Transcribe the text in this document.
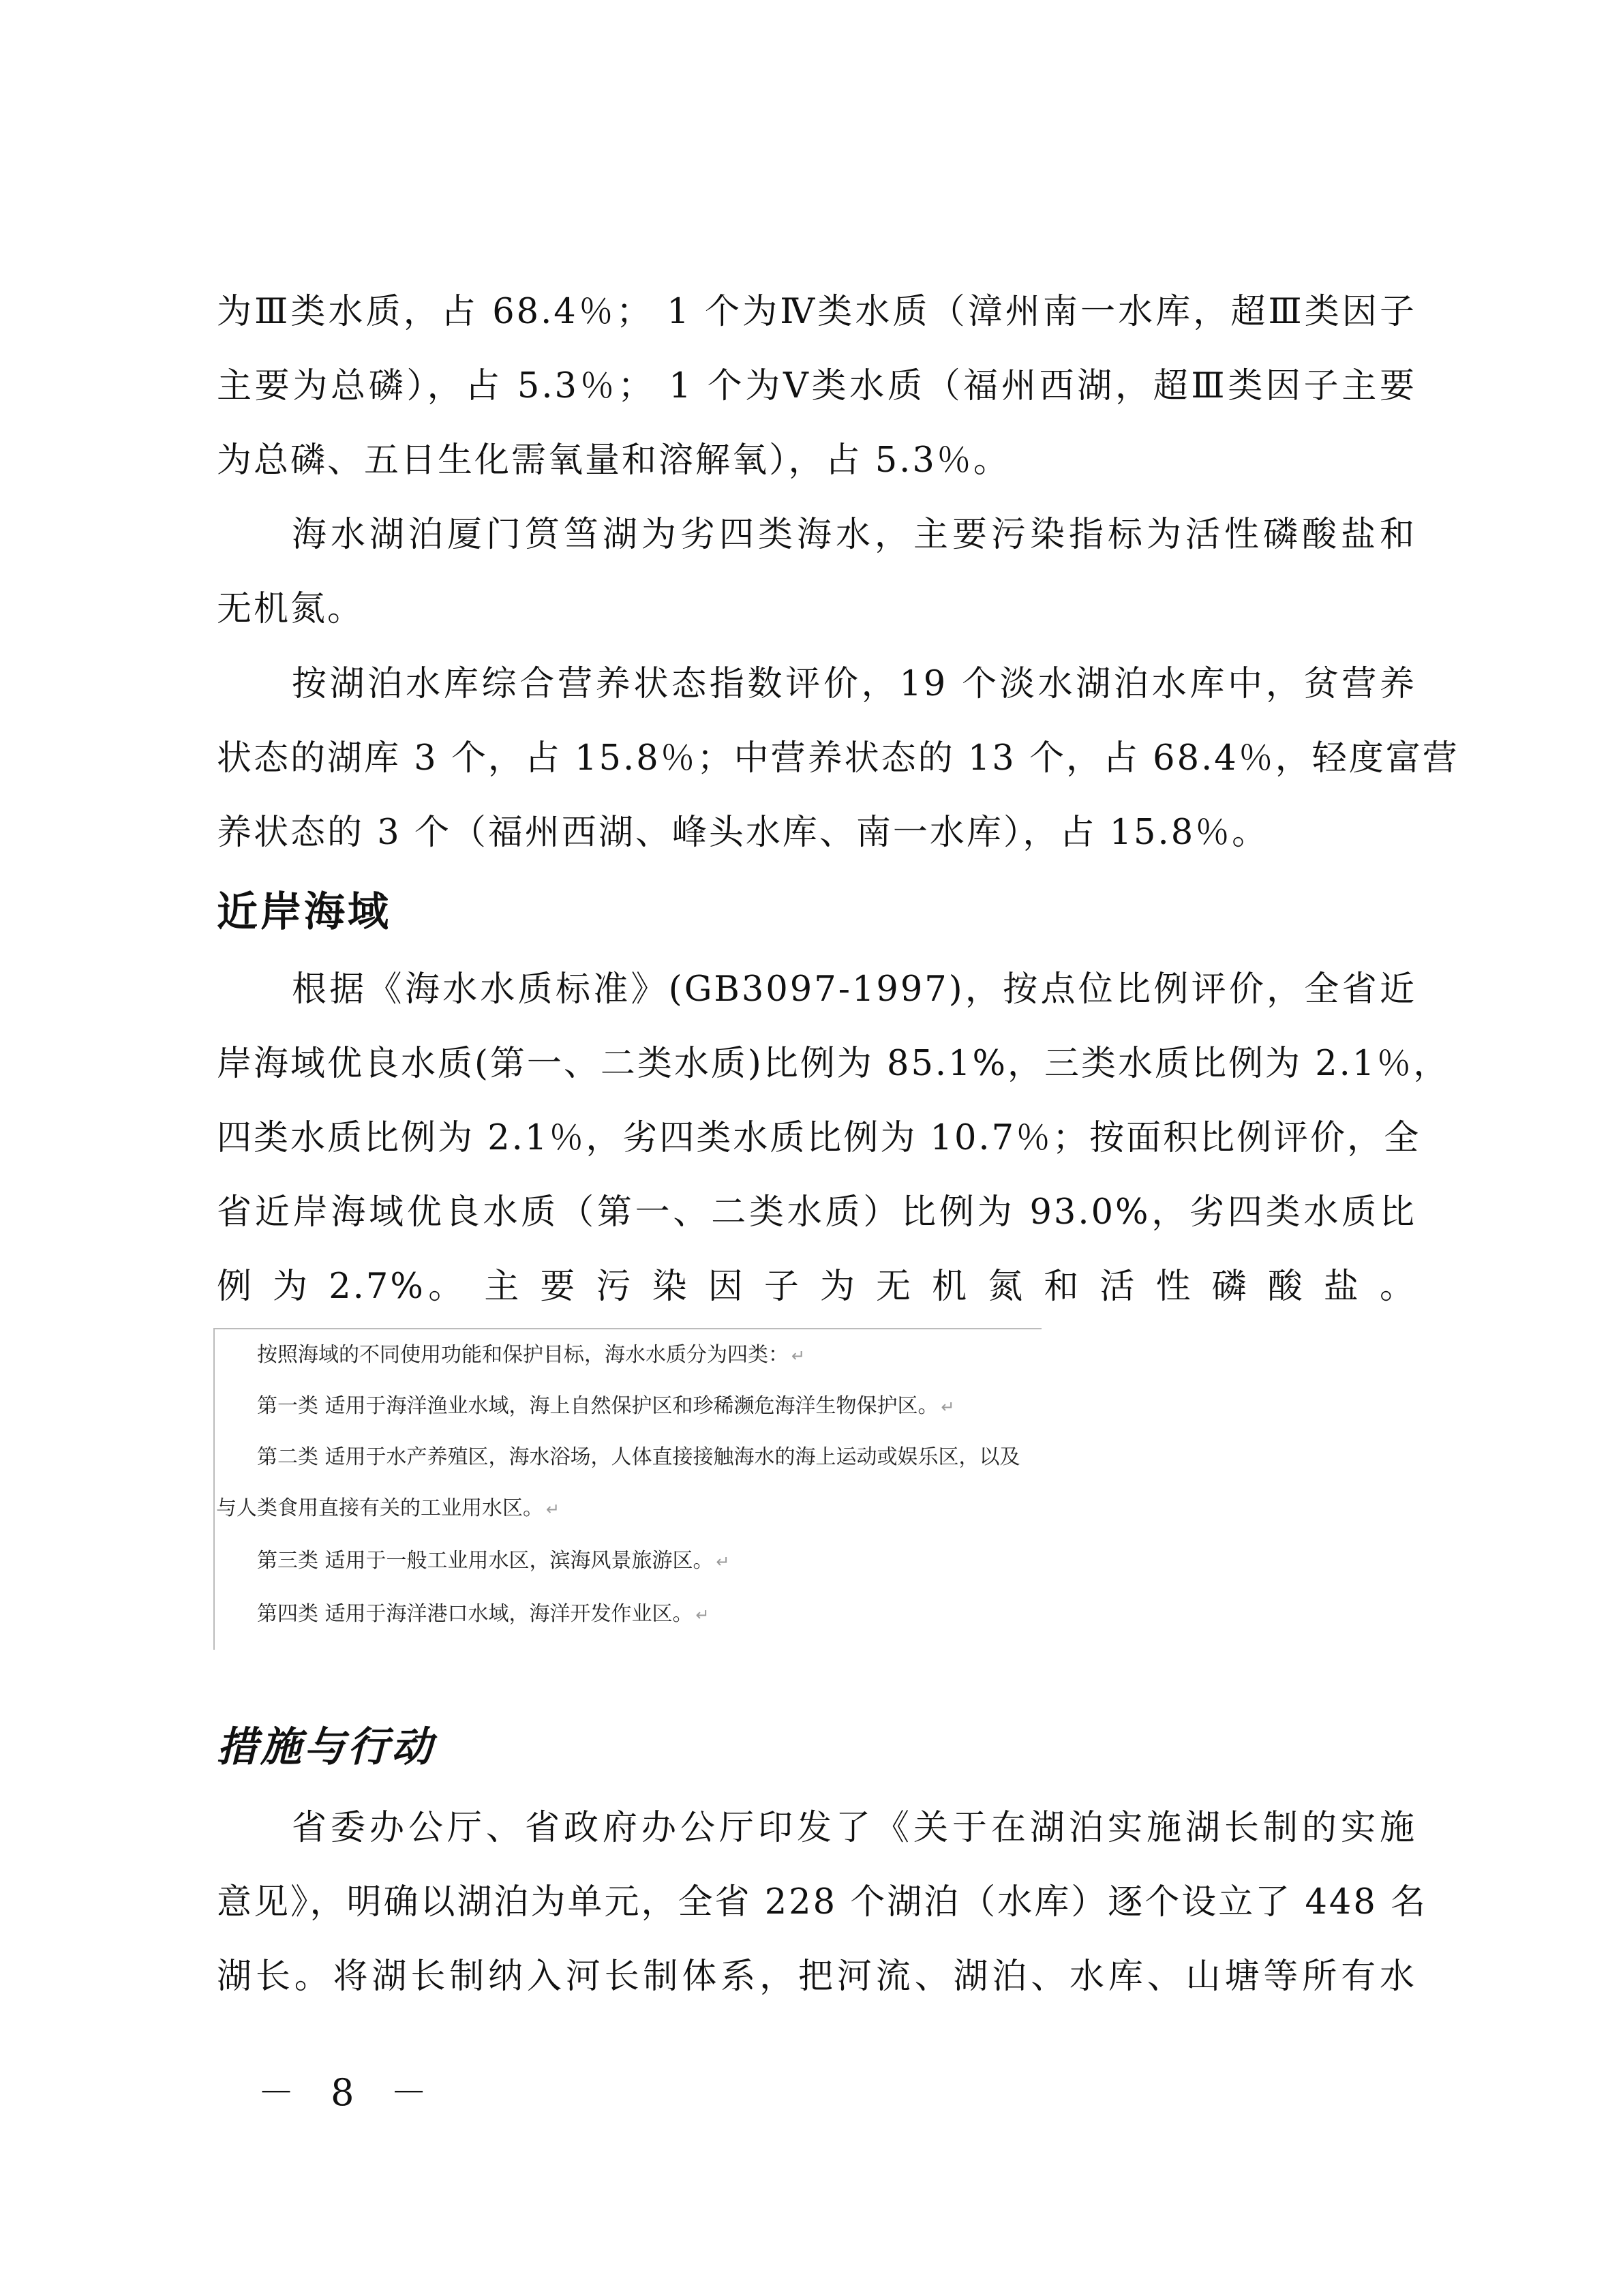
为Ⅲ类水质，占 68.4％； 1 个为Ⅳ类水质（漳州南一水库，超Ⅲ类因子
主要为总磷），占 5.3％； 1 个为Ⅴ类水质（福州西湖，超Ⅲ类因子主要
为总磷、五日生化需氧量和溶解氧），占 5.3％。
海水湖泊厦门筼筜湖为劣四类海水，主要污染指标为活性磷酸盐和
无机氮。
按湖泊水库综合营养状态指数评价，19 个淡水湖泊水库中，贫营养
状态的湖库 3 个，占 15.8％；中营养状态的 13 个，占 68.4％，轻度富营
养状态的 3 个（福州西湖、峰头水库、南一水库），占 15.8％。
近岸海域
根据《海水水质标准》(GB3097-1997)，按点位比例评价，全省近
岸海域优良水质(第一、二类水质)比例为 85.1%，三类水质比例为 2.1％，
四类水质比例为 2.1％，劣四类水质比例为 10.7％；按面积比例评价，全
省近岸海域优良水质（第一、二类水质）比例为 93.0%，劣四类水质比
例 为 2.7%。 主 要 污 染 因 子 为 无 机 氮 和 活 性 磷 酸 盐 。
按照海域的不同使用功能和保护目标，海水水质分为四类： ↵
第一类 适用于海洋渔业水域，海上自然保护区和珍稀濒危海洋生物保护区。 ↵
第二类 适用于水产养殖区，海水浴场，人体直接接触海水的海上运动或娱乐区，以及
与人类食用直接有关的工业用水区。 ↵
第三类 适用于一般工业用水区，滨海风景旅游区。 ↵
第四类 适用于海洋港口水域，海洋开发作业区。 ↵
措施与行动
省委办公厅、省政府办公厅印发了《关于在湖泊实施湖长制的实施
意见》，明确以湖泊为单元，全省 228 个湖泊（水库）逐个设立了 448 名
湖长。将湖长制纳入河长制体系，把河流、湖泊、水库、山塘等所有水
－ 8 －
